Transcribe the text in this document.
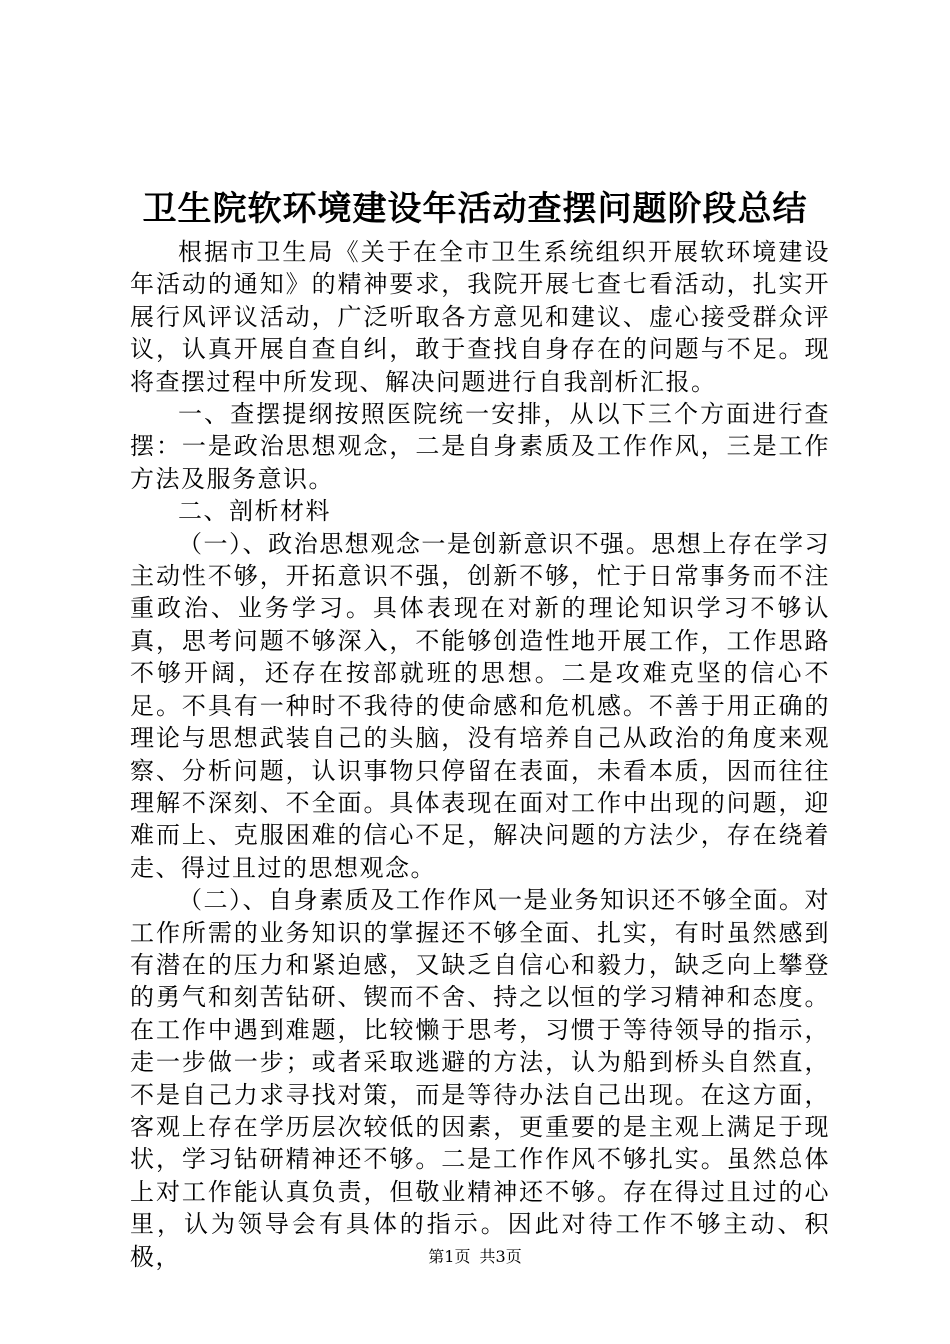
卫生院软环境建设年活动查摆问题阶段总结

根据市卫生局《关于在全市卫生系统组织开展软环境建设年活动的通知》的精神要求，我院开展七查七看活动，扎实开展行风评议活动，广泛听取各方意见和建议、虚心接受群众评议，认真开展自查自纠，敢于查找自身存在的问题与不足。现将查摆过程中所发现、解决问题进行自我剖析汇报。

一、查摆提纲按照医院统一安排，从以下三个方面进行查摆：一是政治思想观念，二是自身素质及工作作风，三是工作方法及服务意识。

二、剖析材料

（一）、政治思想观念一是创新意识不强。思想上存在学习主动性不够，开拓意识不强，创新不够，忙于日常事务而不注重政治、业务学习。具体表现在对新的理论知识学习不够认真，思考问题不够深入，不能够创造性地开展工作，工作思路不够开阔，还存在按部就班的思想。二是攻难克坚的信心不足。不具有一种时不我待的使命感和危机感。不善于用正确的理论与思想武装自己的头脑，没有培养自己从政治的角度来观察、分析问题，认识事物只停留在表面，未看本质，因而往往理解不深刻、不全面。具体表现在面对工作中出现的问题，迎难而上、克服困难的信心不足，解决问题的方法少，存在绕着走、得过且过的思想观念。

（二）、自身素质及工作作风一是业务知识还不够全面。对工作所需的业务知识的掌握还不够全面、扎实，有时虽然感到有潜在的压力和紧迫感，又缺乏自信心和毅力，缺乏向上攀登的勇气和刻苦钻研、锲而不舍、持之以恒的学习精神和态度。在工作中遇到难题，比较懒于思考，习惯于等待领导的指示，走一步做一步；或者采取逃避的方法，认为船到桥头自然直，不是自己力求寻找对策，而是等待办法自己出现。在这方面，客观上存在学历层次较低的因素，更重要的是主观上满足于现状，学习钻研精神还不够。二是工作作风不够扎实。虽然总体上对工作能认真负责，但敬业精神还不够。存在得过且过的心里，认为领导会有具体的指示。因此对待工作不够主动、积极，	第1页 共3页
